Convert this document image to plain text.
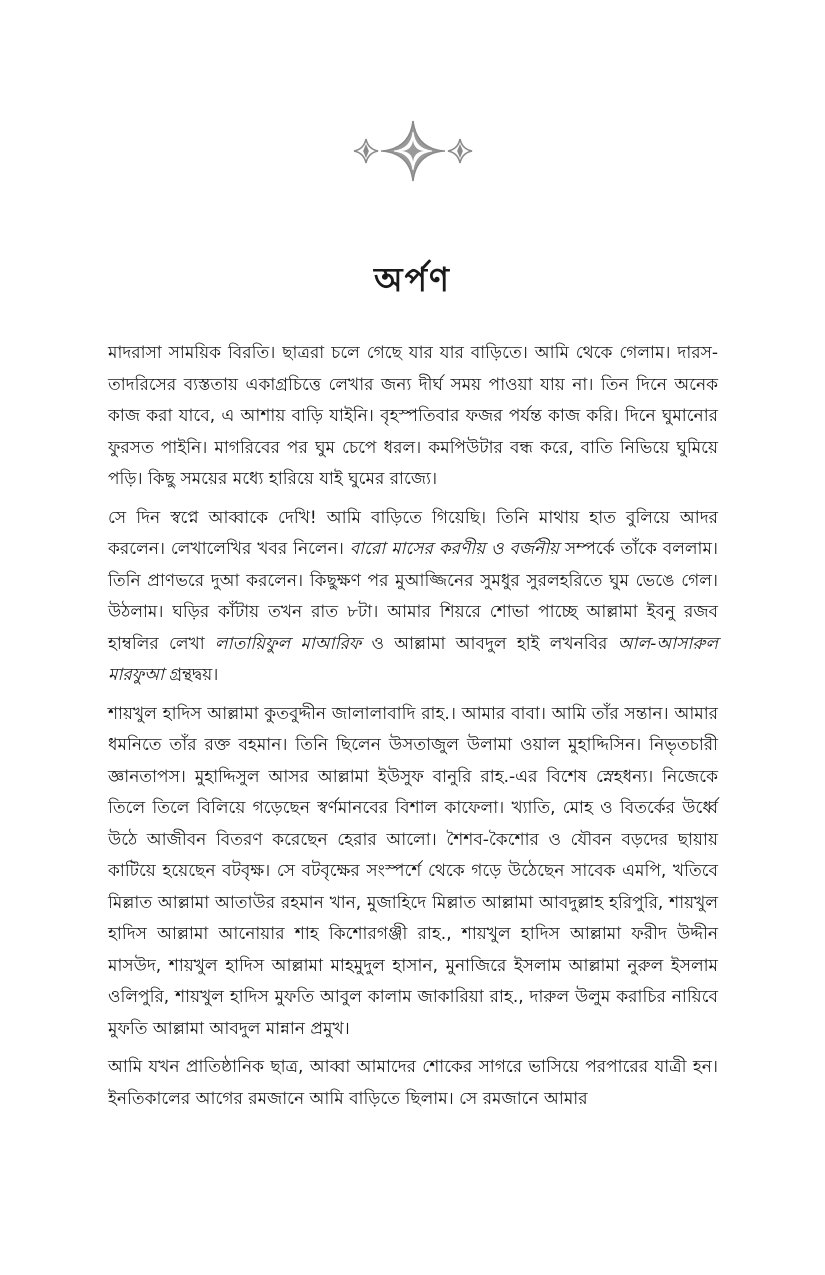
অর্পণ

মাদরাসা সাময়িক বিরতি। ছাত্ররা চলে গেছে যার যার বাড়িতে। আমি থেকে গেলাম। দারস-তাদরিসের ব্যস্ততায় একাগ্রচিত্তে লেখার জন্য দীর্ঘ সময় পাওয়া যায় না। তিন দিনে অনেক কাজ করা যাবে, এ আশায় বাড়ি যাইনি। বৃহস্পতিবার ফজর পর্যন্ত কাজ করি। দিনে ঘুমানোর ফুরসত পাইনি। মাগরিবের পর ঘুম চেপে ধরল। কমপিউটার বন্ধ করে, বাতি নিভিয়ে ঘুমিয়ে পড়ি। কিছু সময়ের মধ্যে হারিয়ে যাই ঘুমের রাজ্যে।

সে দিন স্বপ্নে আব্বাকে দেখি! আমি বাড়িতে গিয়েছি। তিনি মাথায় হাত বুলিয়ে আদর করলেন। লেখালেখির খবর নিলেন। বারো মাসের করণীয় ও বর্জনীয় সম্পর্কে তাঁকে বললাম। তিনি প্রাণভরে দুআ করলেন। কিছুক্ষণ পর মুআজ্জিনের সুমধুর সুরলহরিতে ঘুম ভেঙে গেল। উঠলাম। ঘড়ির কাঁটায় তখন রাত ৮টা। আমার শিয়রে শোভা পাচ্ছে আল্লামা ইবনু রজব হাম্বলির লেখা লাতায়িফুল মাআরিফ ও আল্লামা আবদুল হাই লখনবির আল-আসারুল মারফুআ গ্রন্থদ্বয়।

শায়খুল হাদিস আল্লামা কুতবুদ্দীন জালালাবাদি রাহ.। আমার বাবা। আমি তাঁর সন্তান। আমার ধমনিতে তাঁর রক্ত বহমান। তিনি ছিলেন উসতাজুল উলামা ওয়াল মুহাদ্দিসিন। নিভৃতচারী জ্ঞানতাপস। মুহাদ্দিসুল আসর আল্লামা ইউসুফ বানুরি রাহ.-এর বিশেষ স্নেহধন্য। নিজেকে তিলে তিলে বিলিয়ে গড়েছেন স্বর্ণমানবের বিশাল কাফেলা। খ্যাতি, মোহ ও বিতর্কের উর্ধ্বে উঠে আজীবন বিতরণ করেছেন হেরার আলো। শৈশব-কৈশোর ও যৌবন বড়দের ছায়ায় কাটিয়ে হয়েছেন বটবৃক্ষ। সে বটবৃক্ষের সংস্পর্শে থেকে গড়ে উঠেছেন সাবেক এমপি, খতিবে মিল্লাত আল্লামা আতাউর রহমান খান, মুজাহিদে মিল্লাত আল্লামা আবদুল্লাহ হরিপুরি, শায়খুল হাদিস আল্লামা আনোয়ার শাহ কিশোরগঞ্জী রাহ., শায়খুল হাদিস আল্লামা ফরীদ উদ্দীন মাসউদ, শায়খুল হাদিস আল্লামা মাহমুদুল হাসান, মুনাজিরে ইসলাম আল্লামা নুরুল ইসলাম ওলিপুরি, শায়খুল হাদিস মুফতি আবুল কালাম জাকারিয়া রাহ., দারুল উলুম করাচির নায়িবে মুফতি আল্লামা আবদুল মান্নান প্রমুখ।

আমি যখন প্রাতিষ্ঠানিক ছাত্র, আব্বা আমাদের শোকের সাগরে ভাসিয়ে পরপারের যাত্রী হন। ইনতিকালের আগের রমজানে আমি বাড়িতে ছিলাম। সে রমজানে আমার
